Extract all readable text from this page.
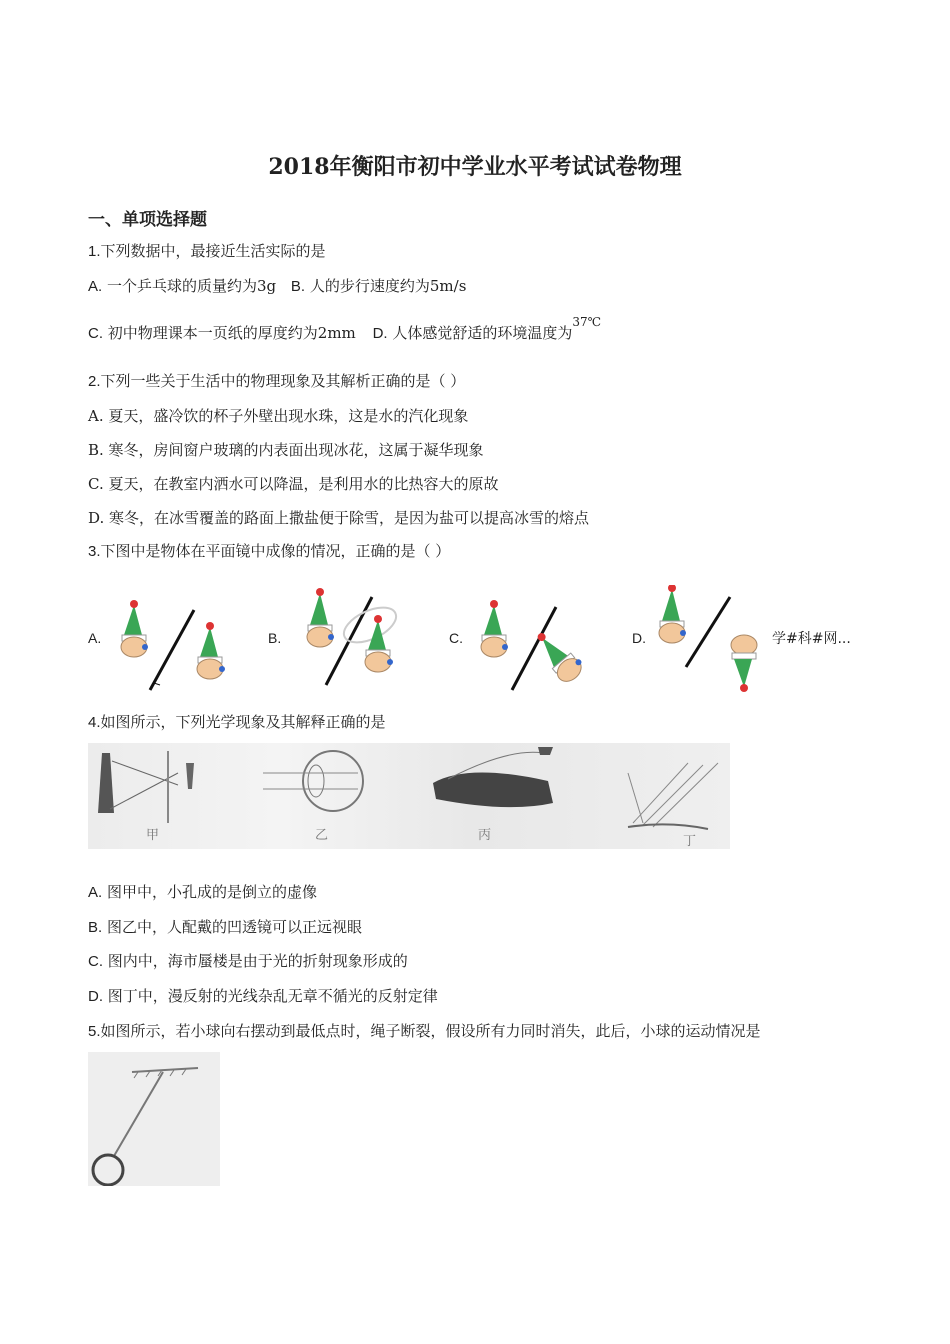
2018年衡阳市初中学业水平考试试卷物理
一、单项选择题
1.下列数据中，最接近生活实际的是
A. 一个乒乓球的质量约为3g B. 人的步行速度约为5m/s
C. 初中物理课本一页纸的厚度约为2mm D. 人体感觉舒适的环境温度为$^{37℃}$
2.下列一些关于生活中的物理现象及其解析正确的是（ ）
A. 夏天，盛冷饮的杯子外壁出现水珠，这是水的汽化现象
B. 寒冬，房间窗户玻璃的内表面出现冰花，这属于凝华现象
C. 夏天，在教室内洒水可以降温，是利用水的比热容大的原故
D. 寒冬，在冰雪覆盖的路面上撒盐便于除雪，是因为盐可以提高冰雪的熔点
3.下图中是物体在平面镜中成像的情况，正确的是（ ）
A.	B.	C.	D.	学#科#网...
4.如图所示，下列光学现象及其解释正确的是
甲	乙	丙	丁
A. 图甲中，小孔成的是倒立的虚像
B. 图乙中，人配戴的凹透镜可以正远视眼
C. 图内中，海市蜃楼是由于光的折射现象形成的
D. 图丁中，漫反射的光线杂乱无章不循光的反射定律
5.如图所示，若小球向右摆动到最低点时，绳子断裂，假设所有力同时消失，此后，小球的运动情况是
